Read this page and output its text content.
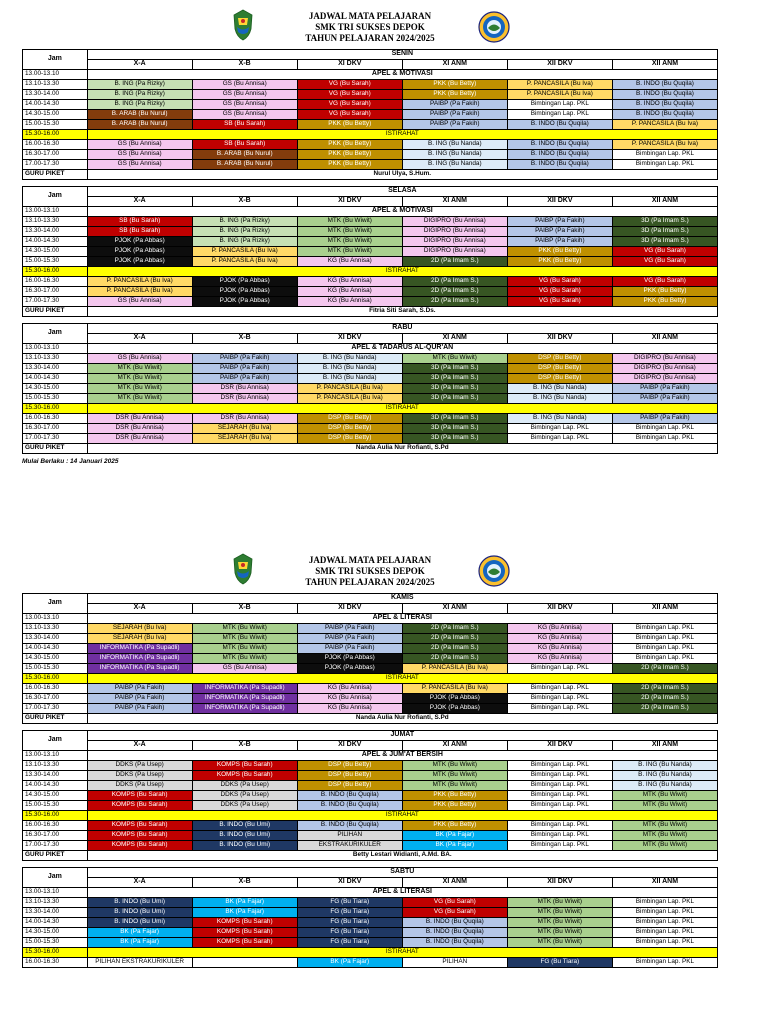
JADWAL MATA PELAJARAN
SMK TRI SUKSES DEPOK
TAHUN PELAJARAN 2024/2025
Jam	SENIN					
	X-A	X-B	XI DKV	XI ANM	XII DKV	XII ANM
13.00-13.10	APEL & MOTIVASI					
13.10-13.30	B. ING (Pa Rizky)	GS (Bu Annisa)	VG (Bu Sarah)	PKK (Bu Betty)	P. PANCASILA (Bu Iva)	B. INDO (Bu Quqila)
13.30-14.00	B. ING (Pa Rizky)	GS (Bu Annisa)	VG (Bu Sarah)	PKK (Bu Betty)	P. PANCASILA (Bu Iva)	B. INDO (Bu Quqila)
14.00-14.30	B. ING (Pa Rizky)	GS (Bu Annisa)	VG (Bu Sarah)	PAIBP (Pa Fakih)	Bimbingan Lap. PKL	B. INDO (Bu Quqila)
14.30-15.00	B. ARAB (Bu Nurul)	GS (Bu Annisa)	VG (Bu Sarah)	PAIBP (Pa Fakih)	Bimbingan Lap. PKL	B. INDO (Bu Quqila)
15.00-15.30	B. ARAB (Bu Nurul)	SB (Bu Sarah)	PKK (Bu Betty)	PAIBP (Pa Fakih)	B. INDO (Bu Quqila)	P. PANCASILA (Bu Iva)
15.30-16.00	ISTIRAHAT					
16.00-16.30	GS (Bu Annisa)	SB (Bu Sarah)	PKK (Bu Betty)	B. ING (Bu Nanda)	B. INDO (Bu Quqila)	P. PANCASILA (Bu Iva)
16.30-17.00	GS (Bu Annisa)	B. ARAB (Bu Nurul)	PKK (Bu Betty)	B. ING (Bu Nanda)	B. INDO (Bu Quqila)	Bimbingan Lap. PKL
17.00-17.30	GS (Bu Annisa)	B. ARAB (Bu Nurul)	PKK (Bu Betty)	B. ING (Bu Nanda)	B. INDO (Bu Quqila)	Bimbingan Lap. PKL
GURU PIKET	Nurul Ulya, S.Hum.					
Jam	SELASA					
	X-A	X-B	XI DKV	XI ANM	XII DKV	XII ANM
13.00-13.10	APEL & MOTIVASI					
13.10-13.30	SB (Bu Sarah)	B. ING (Pa Rizky)	MTK (Bu Wiwit)	DIGIPRO (Bu Annisa)	PAIBP (Pa Fakih)	3D (Pa Imam S.)
13.30-14.00	SB (Bu Sarah)	B. ING (Pa Rizky)	MTK (Bu Wiwit)	DIGIPRO (Bu Annisa)	PAIBP (Pa Fakih)	3D (Pa Imam S.)
14.00-14.30	PJOK (Pa Abbas)	B. ING (Pa Rizky)	MTK (Bu Wiwit)	DIGIPRO (Bu Annisa)	PAIBP (Pa Fakih)	3D (Pa Imam S.)
14.30-15.00	PJOK (Pa Abbas)	P. PANCASILA (Bu Iva)	MTK (Bu Wiwit)	DIGIPRO (Bu Annisa)	PKK (Bu Betty)	VG (Bu Sarah)
15.00-15.30	PJOK (Pa Abbas)	P. PANCASILA (Bu Iva)	KG (Bu Annisa)	2D (Pa Imam S.)	PKK (Bu Betty)	VG (Bu Sarah)
15.30-16.00	ISTIRAHAT					
16.00-16.30	P. PANCASILA (Bu Iva)	PJOK (Pa Abbas)	KG (Bu Annisa)	2D (Pa Imam S.)	VG (Bu Sarah)	VG (Bu Sarah)
16.30-17.00	P. PANCASILA (Bu Iva)	PJOK (Pa Abbas)	KG (Bu Annisa)	2D (Pa Imam S.)	VG (Bu Sarah)	PKK (Bu Betty)
17.00-17.30	GS (Bu Annisa)	PJOK (Pa Abbas)	KG (Bu Annisa)	2D (Pa Imam S.)	VG (Bu Sarah)	PKK (Bu Betty)
GURU PIKET	Fitria Siti Sarah, S.Ds.					
Jam	RABU					
	X-A	X-B	XI DKV	XI ANM	XII DKV	XII ANM
13.00-13.10	APEL & TADARUS AL-QUR'AN					
13.10-13.30	GS (Bu Annisa)	PAIBP (Pa Fakih)	B. ING (Bu Nanda)	MTK (Bu Wiwit)	DSP (Bu Betty)	DIGIPRO (Bu Annisa)
13.30-14.00	MTK (Bu Wiwit)	PAIBP (Pa Fakih)	B. ING (Bu Nanda)	3D (Pa Imam S.)	DSP (Bu Betty)	DIGIPRO (Bu Annisa)
14.00-14.30	MTK (Bu Wiwit)	PAIBP (Pa Fakih)	B. ING (Bu Nanda)	3D (Pa Imam S.)	DSP (Bu Betty)	DIGIPRO (Bu Annisa)
14.30-15.00	MTK (Bu Wiwit)	DSR (Bu Annisa)	P. PANCASILA (Bu Iva)	3D (Pa Imam S.)	B. ING (Bu Nanda)	PAIBP (Pa Fakih)
15.00-15.30	MTK (Bu Wiwit)	DSR (Bu Annisa)	P. PANCASILA (Bu Iva)	3D (Pa Imam S.)	B. ING (Bu Nanda)	PAIBP (Pa Fakih)
15.30-16.00	ISTIRAHAT					
16.00-16.30	DSR (Bu Annisa)	DSR (Bu Annisa)	DSP (Bu Betty)	3D (Pa Imam S.)	B. ING (Bu Nanda)	PAIBP (Pa Fakih)
16.30-17.00	DSR (Bu Annisa)	SEJARAH (Bu Iva)	DSP (Bu Betty)	3D (Pa Imam S.)	Bimbingan Lap. PKL	Bimbingan Lap. PKL
17.00-17.30	DSR (Bu Annisa)	SEJARAH (Bu Iva)	DSP (Bu Betty)	3D (Pa Imam S.)	Bimbingan Lap. PKL	Bimbingan Lap. PKL
GURU PIKET	Nanda Aulia Nur Rofianti, S.Pd					
Mulai Berlaku : 14 Januari 2025
JADWAL MATA PELAJARAN
SMK TRI SUKSES DEPOK
TAHUN PELAJARAN 2024/2025
Jam	KAMIS					
	X-A	X-B	XI DKV	XI ANM	XII DKV	XII ANM
13.00-13.10	APEL & LITERASI					
13.10-13.30	SEJARAH (Bu Iva)	MTK (Bu Wiwit)	PAIBP (Pa Fakih)	2D (Pa Imam S.)	KG (Bu Annisa)	Bimbingan Lap. PKL
13.30-14.00	SEJARAH (Bu Iva)	MTK (Bu Wiwit)	PAIBP (Pa Fakih)	2D (Pa Imam S.)	KG (Bu Annisa)	Bimbingan Lap. PKL
14.00-14.30	INFORMATIKA (Pa Supadli)	MTK (Bu Wiwit)	PAIBP (Pa Fakih)	2D (Pa Imam S.)	KG (Bu Annisa)	Bimbingan Lap. PKL
14.30-15.00	INFORMATIKA (Pa Supadli)	MTK (Bu Wiwit)	PJOK (Pa Abbas)	2D (Pa Imam S.)	KG (Bu Annisa)	Bimbingan Lap. PKL
15.00-15.30	INFORMATIKA (Pa Supadli)	GS (Bu Annisa)	PJOK (Pa Abbas)	P. PANCASILA (Bu Iva)	Bimbingan Lap. PKL	2D (Pa Imam S.)
15.30-16.00	ISTIRAHAT					
16.00-16.30	PAIBP (Pa Fakih)	INFORMATIKA (Pa Supadli)	KG (Bu Annisa)	P. PANCASILA (Bu Iva)	Bimbingan Lap. PKL	2D (Pa Imam S.)
16.30-17.00	PAIBP (Pa Fakih)	INFORMATIKA (Pa Supadli)	KG (Bu Annisa)	PJOK (Pa Abbas)	Bimbingan Lap. PKL	2D (Pa Imam S.)
17.00-17.30	PAIBP (Pa Fakih)	INFORMATIKA (Pa Supadli)	KG (Bu Annisa)	PJOK (Pa Abbas)	Bimbingan Lap. PKL	2D (Pa Imam S.)
GURU PIKET	Nanda Aulia Nur Rofianti, S.Pd					
Jam	JUMAT					
	X-A	X-B	XI DKV	XI ANM	XII DKV	XII ANM
13.00-13.10	APEL & JUM'AT BERSIH					
13.10-13.30	DDKS (Pa Usep)	KOMPS (Bu Sarah)	DSP (Bu Betty)	MTK (Bu Wiwit)	Bimbingan Lap. PKL	B. ING (Bu Nanda)
13.30-14.00	DDKS (Pa Usep)	KOMPS (Bu Sarah)	DSP (Bu Betty)	MTK (Bu Wiwit)	Bimbingan Lap. PKL	B. ING (Bu Nanda)
14.00-14.30	DDKS (Pa Usep)	DDKS (Pa Usep)	DSP (Bu Betty)	MTK (Bu Wiwit)	Bimbingan Lap. PKL	B. ING (Bu Nanda)
14.30-15.00	KOMPS (Bu Sarah)	DDKS (Pa Usep)	B. INDO (Bu Quqila)	PKK (Bu Betty)	Bimbingan Lap. PKL	MTK (Bu Wiwit)
15.00-15.30	KOMPS (Bu Sarah)	DDKS (Pa Usep)	B. INDO (Bu Quqila)	PKK (Bu Betty)	Bimbingan Lap. PKL	MTK (Bu Wiwit)
15.30-16.00	ISTIRAHAT					
16.00-16.30	KOMPS (Bu Sarah)	B. INDO (Bu Umi)	B. INDO (Bu Quqila)	PKK (Bu Betty)	Bimbingan Lap. PKL	MTK (Bu Wiwit)
16.30-17.00	KOMPS (Bu Sarah)	B. INDO (Bu Umi)	PILIHAN	BK (Pa Fajar)	Bimbingan Lap. PKL	MTK (Bu Wiwit)
17.00-17.30	KOMPS (Bu Sarah)	B. INDO (Bu Umi)	EKSTRAKURIKULER	BK (Pa Fajar)	Bimbingan Lap. PKL	MTK (Bu Wiwit)
GURU PIKET	Betty Lestari Widianti, A.Md. BA.					
Jam	SABTU					
	X-A	X-B	XI DKV	XI ANM	XII DKV	XII ANM
13.00-13.10	APEL & LITERASI					
13.10-13.30	B. INDO (Bu Umi)	BK (Pa Fajar)	FG (Bu Tiara)	VG (Bu Sarah)	MTK (Bu Wiwit)	Bimbingan Lap. PKL
13.30-14.00	B. INDO (Bu Umi)	BK (Pa Fajar)	FG (Bu Tiara)	VG (Bu Sarah)	MTK (Bu Wiwit)	Bimbingan Lap. PKL
14.00-14.30	B. INDO (Bu Umi)	KOMPS (Bu Sarah)	FG (Bu Tiara)	B. INDO (Bu Quqila)	MTK (Bu Wiwit)	Bimbingan Lap. PKL
14.30-15.00	BK (Pa Fajar)	KOMPS (Bu Sarah)	FG (Bu Tiara)	B. INDO (Bu Quqila)	MTK (Bu Wiwit)	Bimbingan Lap. PKL
15.00-15.30	BK (Pa Fajar)	KOMPS (Bu Sarah)	FG (Bu Tiara)	B. INDO (Bu Quqila)	MTK (Bu Wiwit)	Bimbingan Lap. PKL
15.30-16.00	ISTIRAHAT					
16.00-16.30	PILIHAN EKSTRAKURIKULER		BK (Pa Fajar)	PILIHAN	FG (Bu Tiara)	Bimbingan Lap. PKL
